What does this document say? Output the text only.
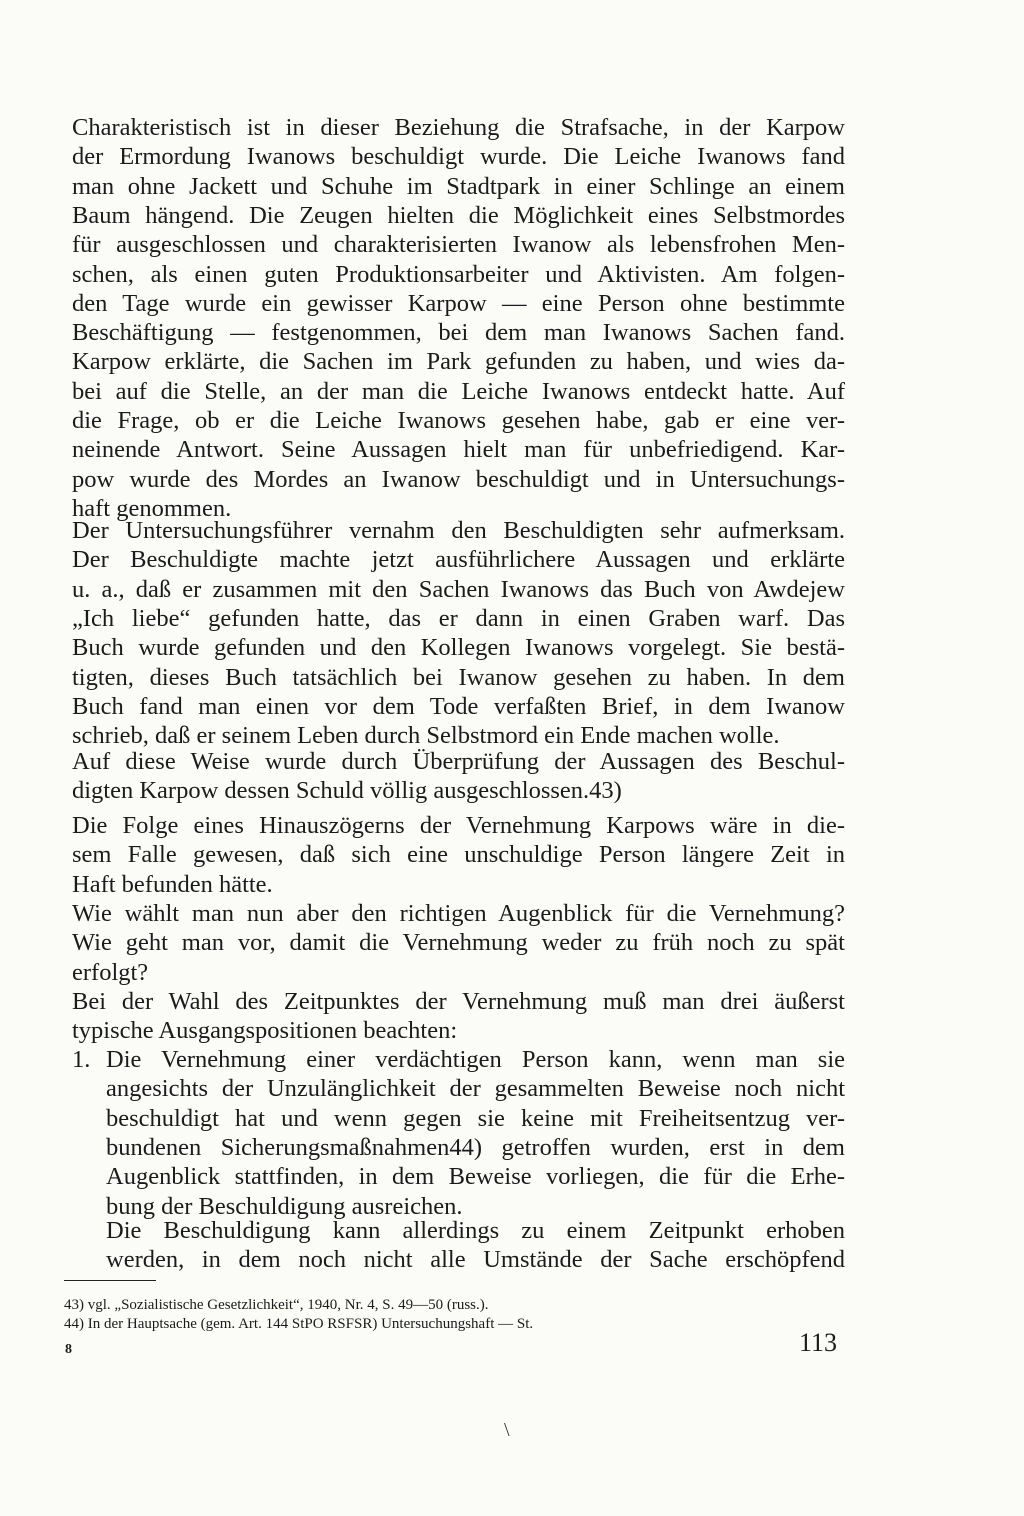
Charakteristisch ist in dieser Beziehung die Strafsache, in der Karpow
der Ermordung Iwanows beschuldigt wurde. Die Leiche Iwanows fand
man ohne Jackett und Schuhe im Stadtpark in einer Schlinge an einem
Baum hängend. Die Zeugen hielten die Möglichkeit eines Selbstmordes
für ausgeschlossen und charakterisierten Iwanow als lebensfrohen Men-
schen, als einen guten Produktionsarbeiter und Aktivisten. Am folgen-
den Tage wurde ein gewisser Karpow — eine Person ohne bestimmte
Beschäftigung — festgenommen, bei dem man Iwanows Sachen fand.
Karpow erklärte, die Sachen im Park gefunden zu haben, und wies da-
bei auf die Stelle, an der man die Leiche Iwanows entdeckt hatte. Auf
die Frage, ob er die Leiche Iwanows gesehen habe, gab er eine ver-
neinende Antwort. Seine Aussagen hielt man für unbefriedigend. Kar-
pow wurde des Mordes an Iwanow beschuldigt und in Untersuchungs-
haft genommen.
Der Untersuchungsführer vernahm den Beschuldigten sehr aufmerksam.
Der Beschuldigte machte jetzt ausführlichere Aussagen und erklärte
u. a., daß er zusammen mit den Sachen Iwanows das Buch von Awdejew
„Ich liebe“ gefunden hatte, das er dann in einen Graben warf. Das
Buch wurde gefunden und den Kollegen Iwanows vorgelegt. Sie bestä-
tigten, dieses Buch tatsächlich bei Iwanow gesehen zu haben. In dem
Buch fand man einen vor dem Tode verfaßten Brief, in dem Iwanow
schrieb, daß er seinem Leben durch Selbstmord ein Ende machen wolle.
Auf diese Weise wurde durch Überprüfung der Aussagen des Beschul-
digten Karpow dessen Schuld völlig ausgeschlossen.43)
Die Folge eines Hinauszögerns der Vernehmung Karpows wäre in die-
sem Falle gewesen, daß sich eine unschuldige Person längere Zeit in
Haft befunden hätte.
Wie wählt man nun aber den richtigen Augenblick für die Vernehmung?
Wie geht man vor, damit die Vernehmung weder zu früh noch zu spät
erfolgt?
Bei der Wahl des Zeitpunktes der Vernehmung muß man drei äußerst
typische Ausgangspositionen beachten:
1. Die Vernehmung einer verdächtigen Person kann, wenn man sie
angesichts der Unzulänglichkeit der gesammelten Beweise noch nicht
beschuldigt hat und wenn gegen sie keine mit Freiheitsentzug ver-
bundenen Sicherungsmaßnahmen44) getroffen wurden, erst in dem
Augenblick stattfinden, in dem Beweise vorliegen, die für die Erhe-
bung der Beschuldigung ausreichen.
Die Beschuldigung kann allerdings zu einem Zeitpunkt erhoben
werden, in dem noch nicht alle Umstände der Sache erschöpfend
43) vgl. „Sozialistische Gesetzlichkeit“, 1940, Nr. 4, S. 49—50 (russ.).
44) In der Hauptsache (gem. Art. 144 StPO RSFSR) Untersuchungshaft — St.
8	113
\
